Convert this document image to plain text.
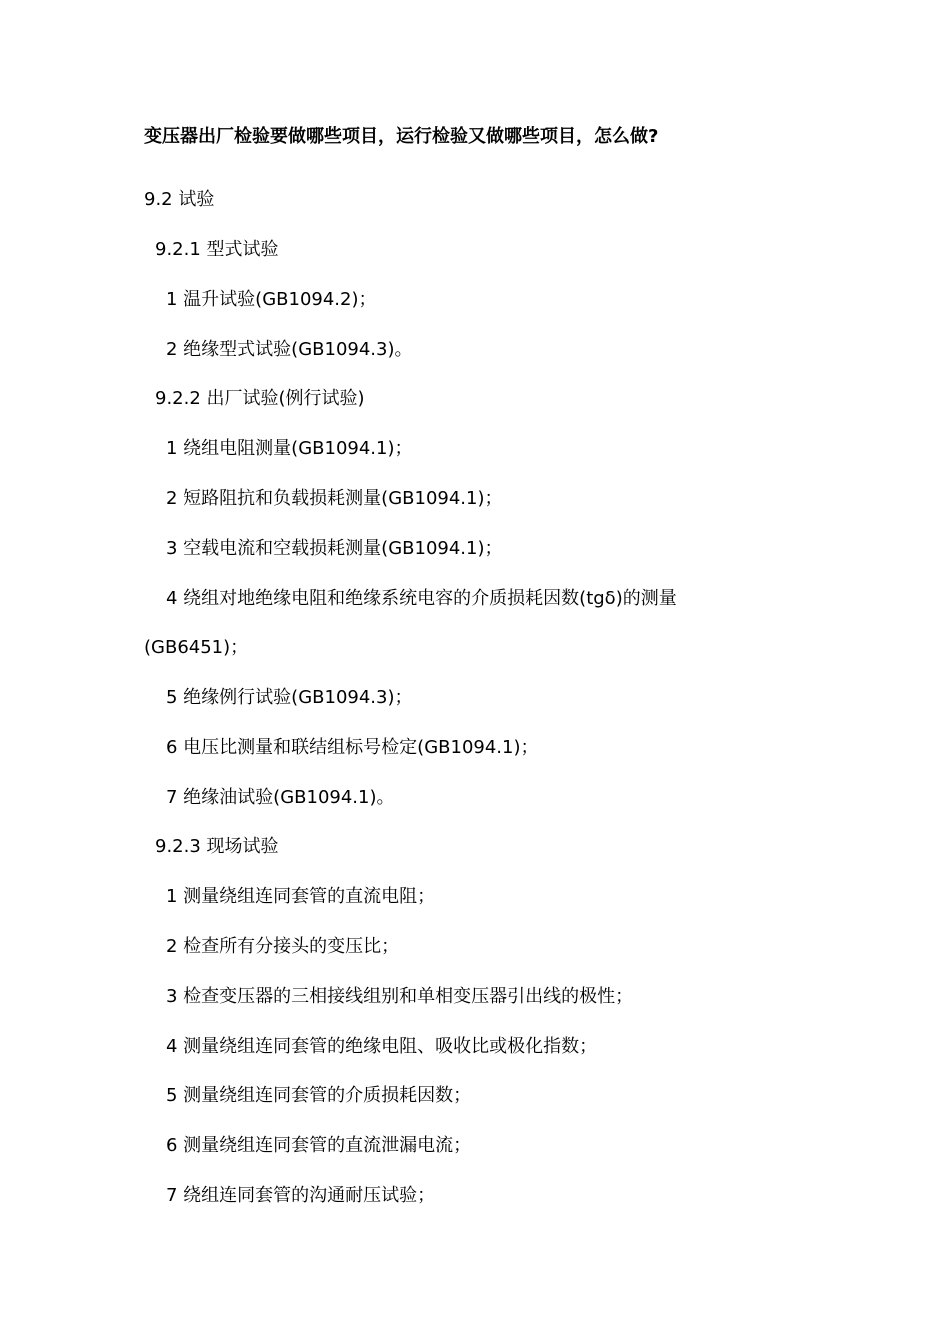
变压器出厂检验要做哪些项目，运行检验又做哪些项目，怎么做?
9.2 试验
9.2.1 型式试验
1 温升试验(GB1094.2)；
2 绝缘型式试验(GB1094.3)。
9.2.2 出厂试验(例行试验)
1 绕组电阻测量(GB1094.1)；
2 短路阻抗和负载损耗测量(GB1094.1)；
3 空载电流和空载损耗测量(GB1094.1)；
4 绕组对地绝缘电阻和绝缘系统电容的介质损耗因数(tgδ)的测量
(GB6451)；
5 绝缘例行试验(GB1094.3)；
6 电压比测量和联结组标号检定(GB1094.1)；
7 绝缘油试验(GB1094.1)。
9.2.3 现场试验
1 测量绕组连同套管的直流电阻；
2 检查所有分接头的变压比；
3 检查变压器的三相接线组别和单相变压器引出线的极性；
4 测量绕组连同套管的绝缘电阻、吸收比或极化指数；
5 测量绕组连同套管的介质损耗因数；
6 测量绕组连同套管的直流泄漏电流；
7 绕组连同套管的沟通耐压试验；
